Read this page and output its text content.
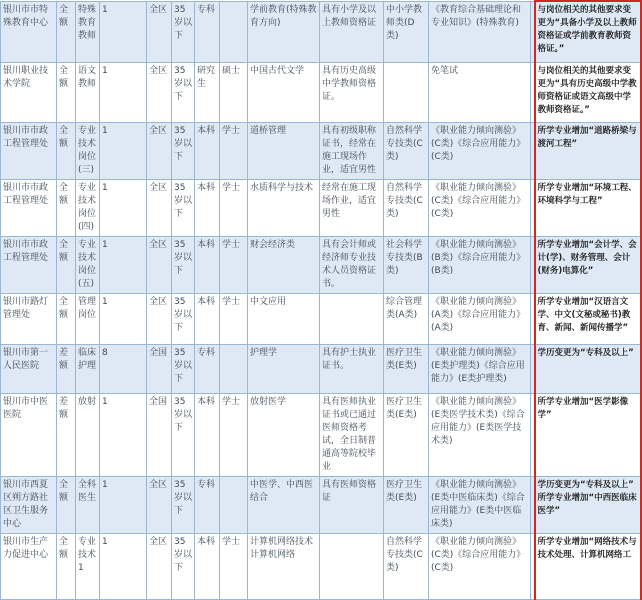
银川市市特殊教育中心	全额	特殊教育教师	1	全区	35岁以下	专科		学前教育(特殊教育方向)	具有小学及以上教师资格证	中小学教师类(D类)	《教育综合基础理论和专业知识》(特殊教育)		与岗位相关的其他要求变更为“具备小学及以上教师资格证或学前教育教师资格证。”
银川职业技术学院	全额	语文教师	1	全区	35岁以下	研究生	硕士	中国古代文学	具有历史高级中学教师资格证。		免笔试		与岗位相关的其他要求变更为“具有历史高级中学教师资格证或语文高级中学教师资格证。”
银川市市政工程管理处	全额	专业技术岗位(三)	1	全区	35岁以下	本科	学士	道桥管理	具有初级职称证书，经常在施工现场作业，适宜男性	自然科学专技类(C类)	《职业能力倾向测验》(C类)《综合应用能力》(C类)		所学专业增加“道路桥梁与渡河工程”
银川市市政工程管理处	全额	专业技术岗位(四)	1	全区	35岁以下	本科	学士	水质科学与技术	经常在施工现场作业，适宜男性	自然科学专技类(C类)	《职业能力倾向测验》(C类)《综合应用能力》(C类)		所学专业增加“环境工程、环境科学与工程”
银川市市政工程管理处	全额	专业技术岗位(五)	1	全区	35岁以下	本科	学士	财会经济类	具有会计师或经济师专业技术人员资格证书。	社会科学专技类(B类)	《职业能力倾向测验》(B类)《综合应用能力》(B类)		所学专业增加“会计学、会计(学)、财务管理、会计(财务)电算化”
银川市路灯管理处	全额	管理岗位	1	全区	35岁以下	本科	学士	中文应用		综合管理类(A类)	《职业能力倾向测验》(A类)《综合应用能力》(A类)		所学专业增加“汉语言文学、中文(文秘或秘书)教育、新闻、新闻传播学”
银川市第一人民医院	差额	临床护理	8	全国	35岁以下	专科		护理学	具有护士执业证书。	医疗卫生类(E类)	《职业能力倾向测验》(E类护理类)《综合应用能力》(E类护理类)		学历变更为“专科及以上”
银川市中医医院	差额	放射	1	全国	35岁以下	本科	学士	放射医学	具有医师执业证书或已通过医师资格考试，全日制普通高等院校毕业	医疗卫生类(E类)	《职业能力倾向测验》(E类医学技术类)《综合应用能力》(E类医学技术类)		所学专业增加“医学影像学”
银川市西夏区朔方路社区卫生服务中心	全额	全科医生	1	全区	35岁以下	专科		中医学、中西医结合	具有医师资格证	医疗卫生类(E类)	《职业能力倾向测验》(E类中医临床类)《综合应用能力》(E类中医临床类)		学历变更为“专科及以上” 所学专业增加“中西医临床医学”
银川市生产力促进中心	全额	专业技术1	1	全区	35岁以下	本科	学士	计算机网络技术计算机网络		自然科学专技类(C类)	《职业能力倾向测验》(C类)《综合应用能力》(C类)		所学专业增加“网络技术与技术处理、计算机网络工
